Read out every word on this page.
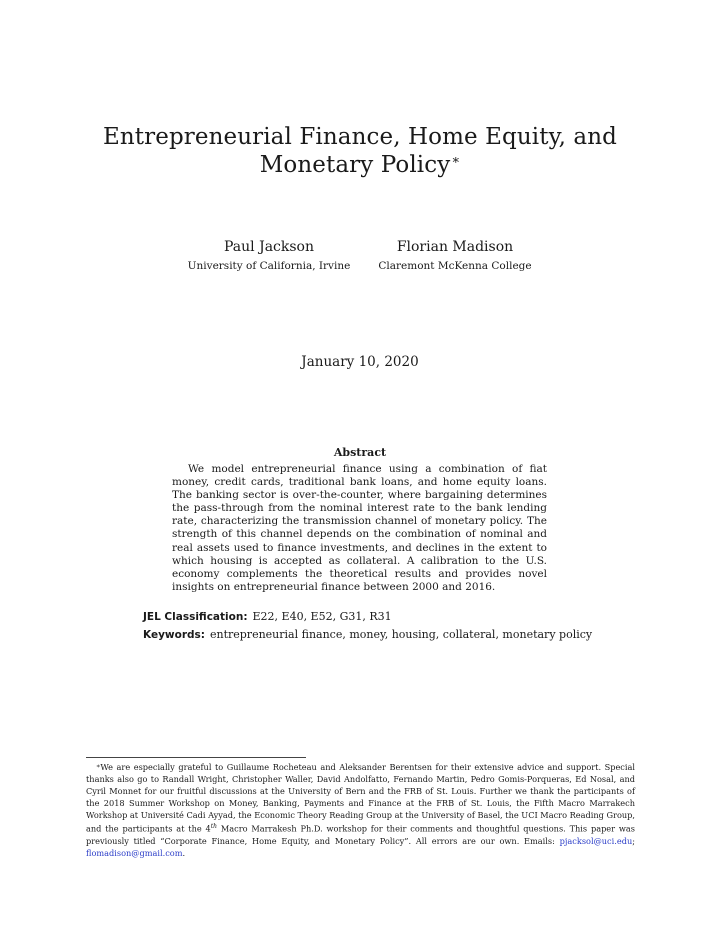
Entrepreneurial Finance, Home Equity, and
Monetary Policy∗
Paul Jackson
University of California, Irvine
Florian Madison
Claremont McKenna College
January 10, 2020
Abstract

We model entrepreneurial finance using a combination of fiat money, credit cards, traditional bank loans, and home equity loans. The banking sector is over-the-counter, where bargaining determines the pass-through from the nominal interest rate to the bank lending rate, characterizing the transmission channel of monetary policy. The strength of this channel depends on the combination of nominal and real assets used to finance investments, and declines in the extent to which housing is accepted as collateral. A calibration to the U.S. economy complements the theoretical results and provides novel insights on entrepreneurial finance between 2000 and 2016.

JEL Classification: E22, E40, E52, G31, R31
Keywords: entrepreneurial finance, money, housing, collateral, monetary policy

∗We are especially grateful to Guillaume Rocheteau and Aleksander Berentsen for their extensive advice and support. Special thanks also go to Randall Wright, Christopher Waller, David Andolfatto, Fernando Martin, Pedro Gomis-Porqueras, Ed Nosal, and Cyril Monnet for our fruitful discussions at the University of Bern and the FRB of St. Louis. Further we thank the participants of the 2018 Summer Workshop on Money, Banking, Payments and Finance at the FRB of St. Louis, the Fifth Macro Marrakech Workshop at Université Cadi Ayyad, the Economic Theory Reading Group at the University of Basel, the UCI Macro Reading Group, and the participants at the 4th Macro Marrakesh Ph.D. workshop for their comments and thoughtful questions. This paper was previously titled “Corporate Finance, Home Equity, and Monetary Policy”. All errors are our own. Emails: pjacksol@uci.edu; flomadison@gmail.com.
